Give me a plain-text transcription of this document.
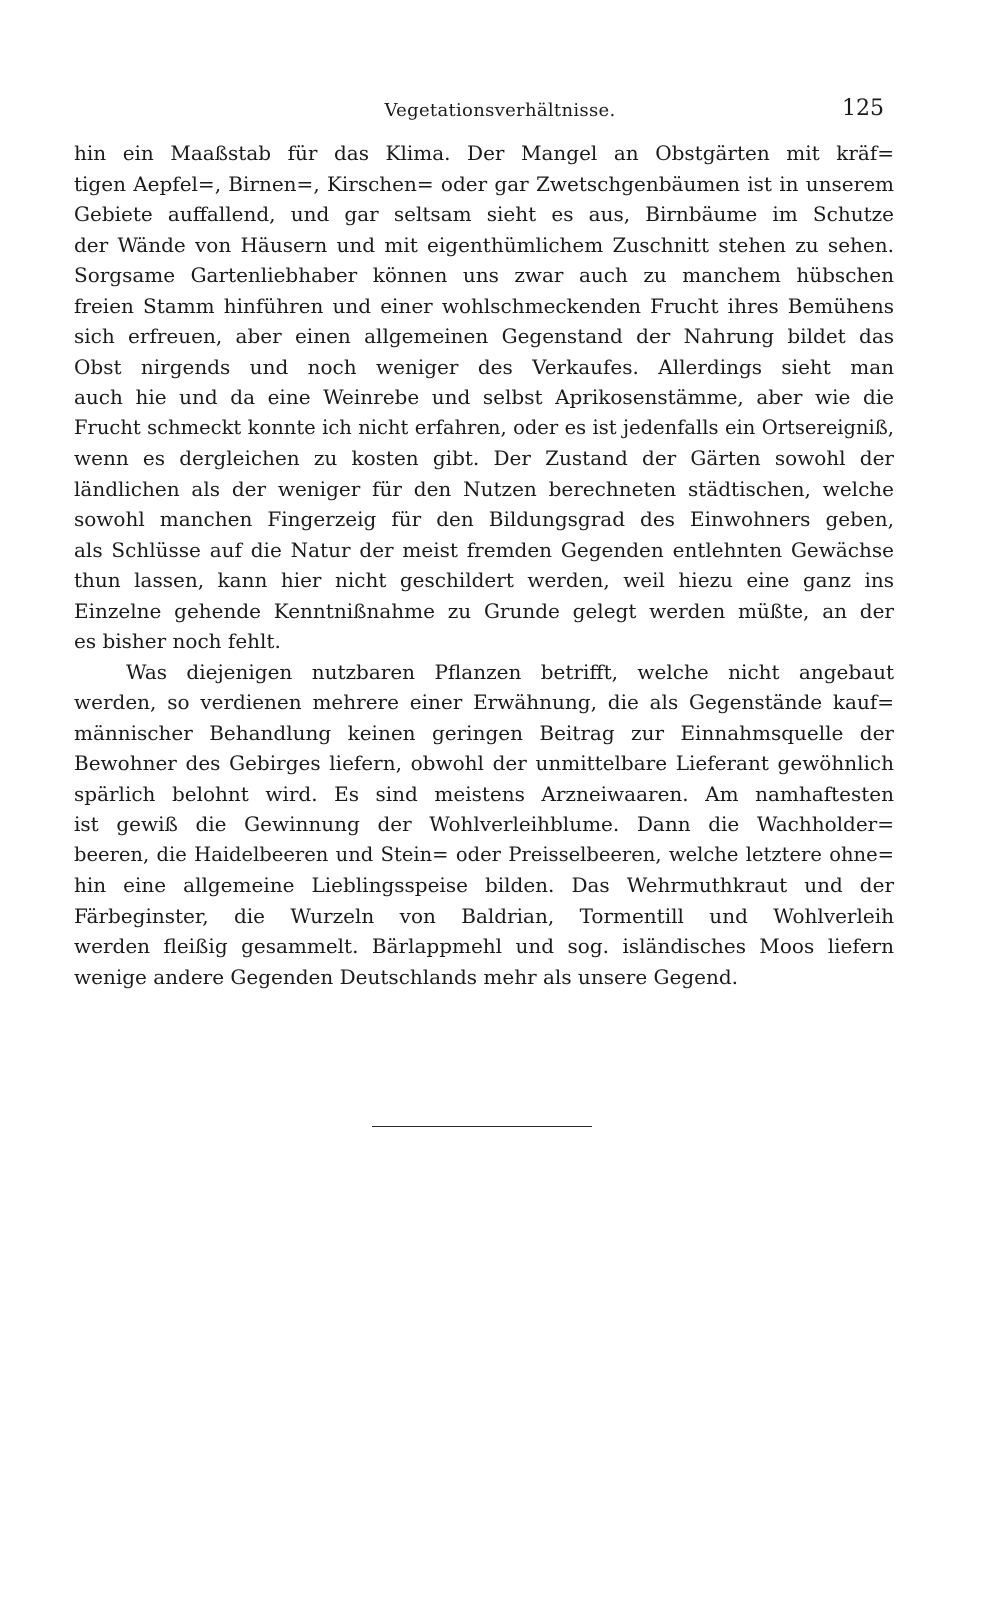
Vegetationsverhältnisse.	125
hin ein Maaßstab für das Klima. Der Mangel an Obstgärten mit kräf=
tigen Aepfel=, Birnen=, Kirschen= oder gar Zwetschgenbäumen ist in unserem
Gebiete auffallend, und gar seltsam sieht es aus, Birnbäume im Schutze
der Wände von Häusern und mit eigenthümlichem Zuschnitt stehen zu sehen.
Sorgsame Gartenliebhaber können uns zwar auch zu manchem hübschen
freien Stamm hinführen und einer wohlschmeckenden Frucht ihres Bemühens
sich erfreuen, aber einen allgemeinen Gegenstand der Nahrung bildet das
Obst nirgends und noch weniger des Verkaufes. Allerdings sieht man
auch hie und da eine Weinrebe und selbst Aprikosenstämme, aber wie die
Frucht schmeckt konnte ich nicht erfahren, oder es ist jedenfalls ein Ortsereigniß,
wenn es dergleichen zu kosten gibt. Der Zustand der Gärten sowohl der
ländlichen als der weniger für den Nutzen berechneten städtischen, welche
sowohl manchen Fingerzeig für den Bildungsgrad des Einwohners geben,
als Schlüsse auf die Natur der meist fremden Gegenden entlehnten Gewächse
thun lassen, kann hier nicht geschildert werden, weil hiezu eine ganz ins
Einzelne gehende Kenntnißnahme zu Grunde gelegt werden müßte, an der
es bisher noch fehlt.
Was diejenigen nutzbaren Pflanzen betrifft, welche nicht angebaut
werden, so verdienen mehrere einer Erwähnung, die als Gegenstände kauf=
männischer Behandlung keinen geringen Beitrag zur Einnahmsquelle der
Bewohner des Gebirges liefern, obwohl der unmittelbare Lieferant gewöhnlich
spärlich belohnt wird. Es sind meistens Arzneiwaaren. Am namhaftesten
ist gewiß die Gewinnung der Wohlverleihblume. Dann die Wachholder=
beeren, die Haidelbeeren und Stein= oder Preisselbeeren, welche letztere ohne=
hin eine allgemeine Lieblingsspeise bilden. Das Wehrmuthkraut und der
Färbeginster, die Wurzeln von Baldrian, Tormentill und Wohlverleih
werden fleißig gesammelt. Bärlappmehl und sog. isländisches Moos liefern
wenige andere Gegenden Deutschlands mehr als unsere Gegend.
